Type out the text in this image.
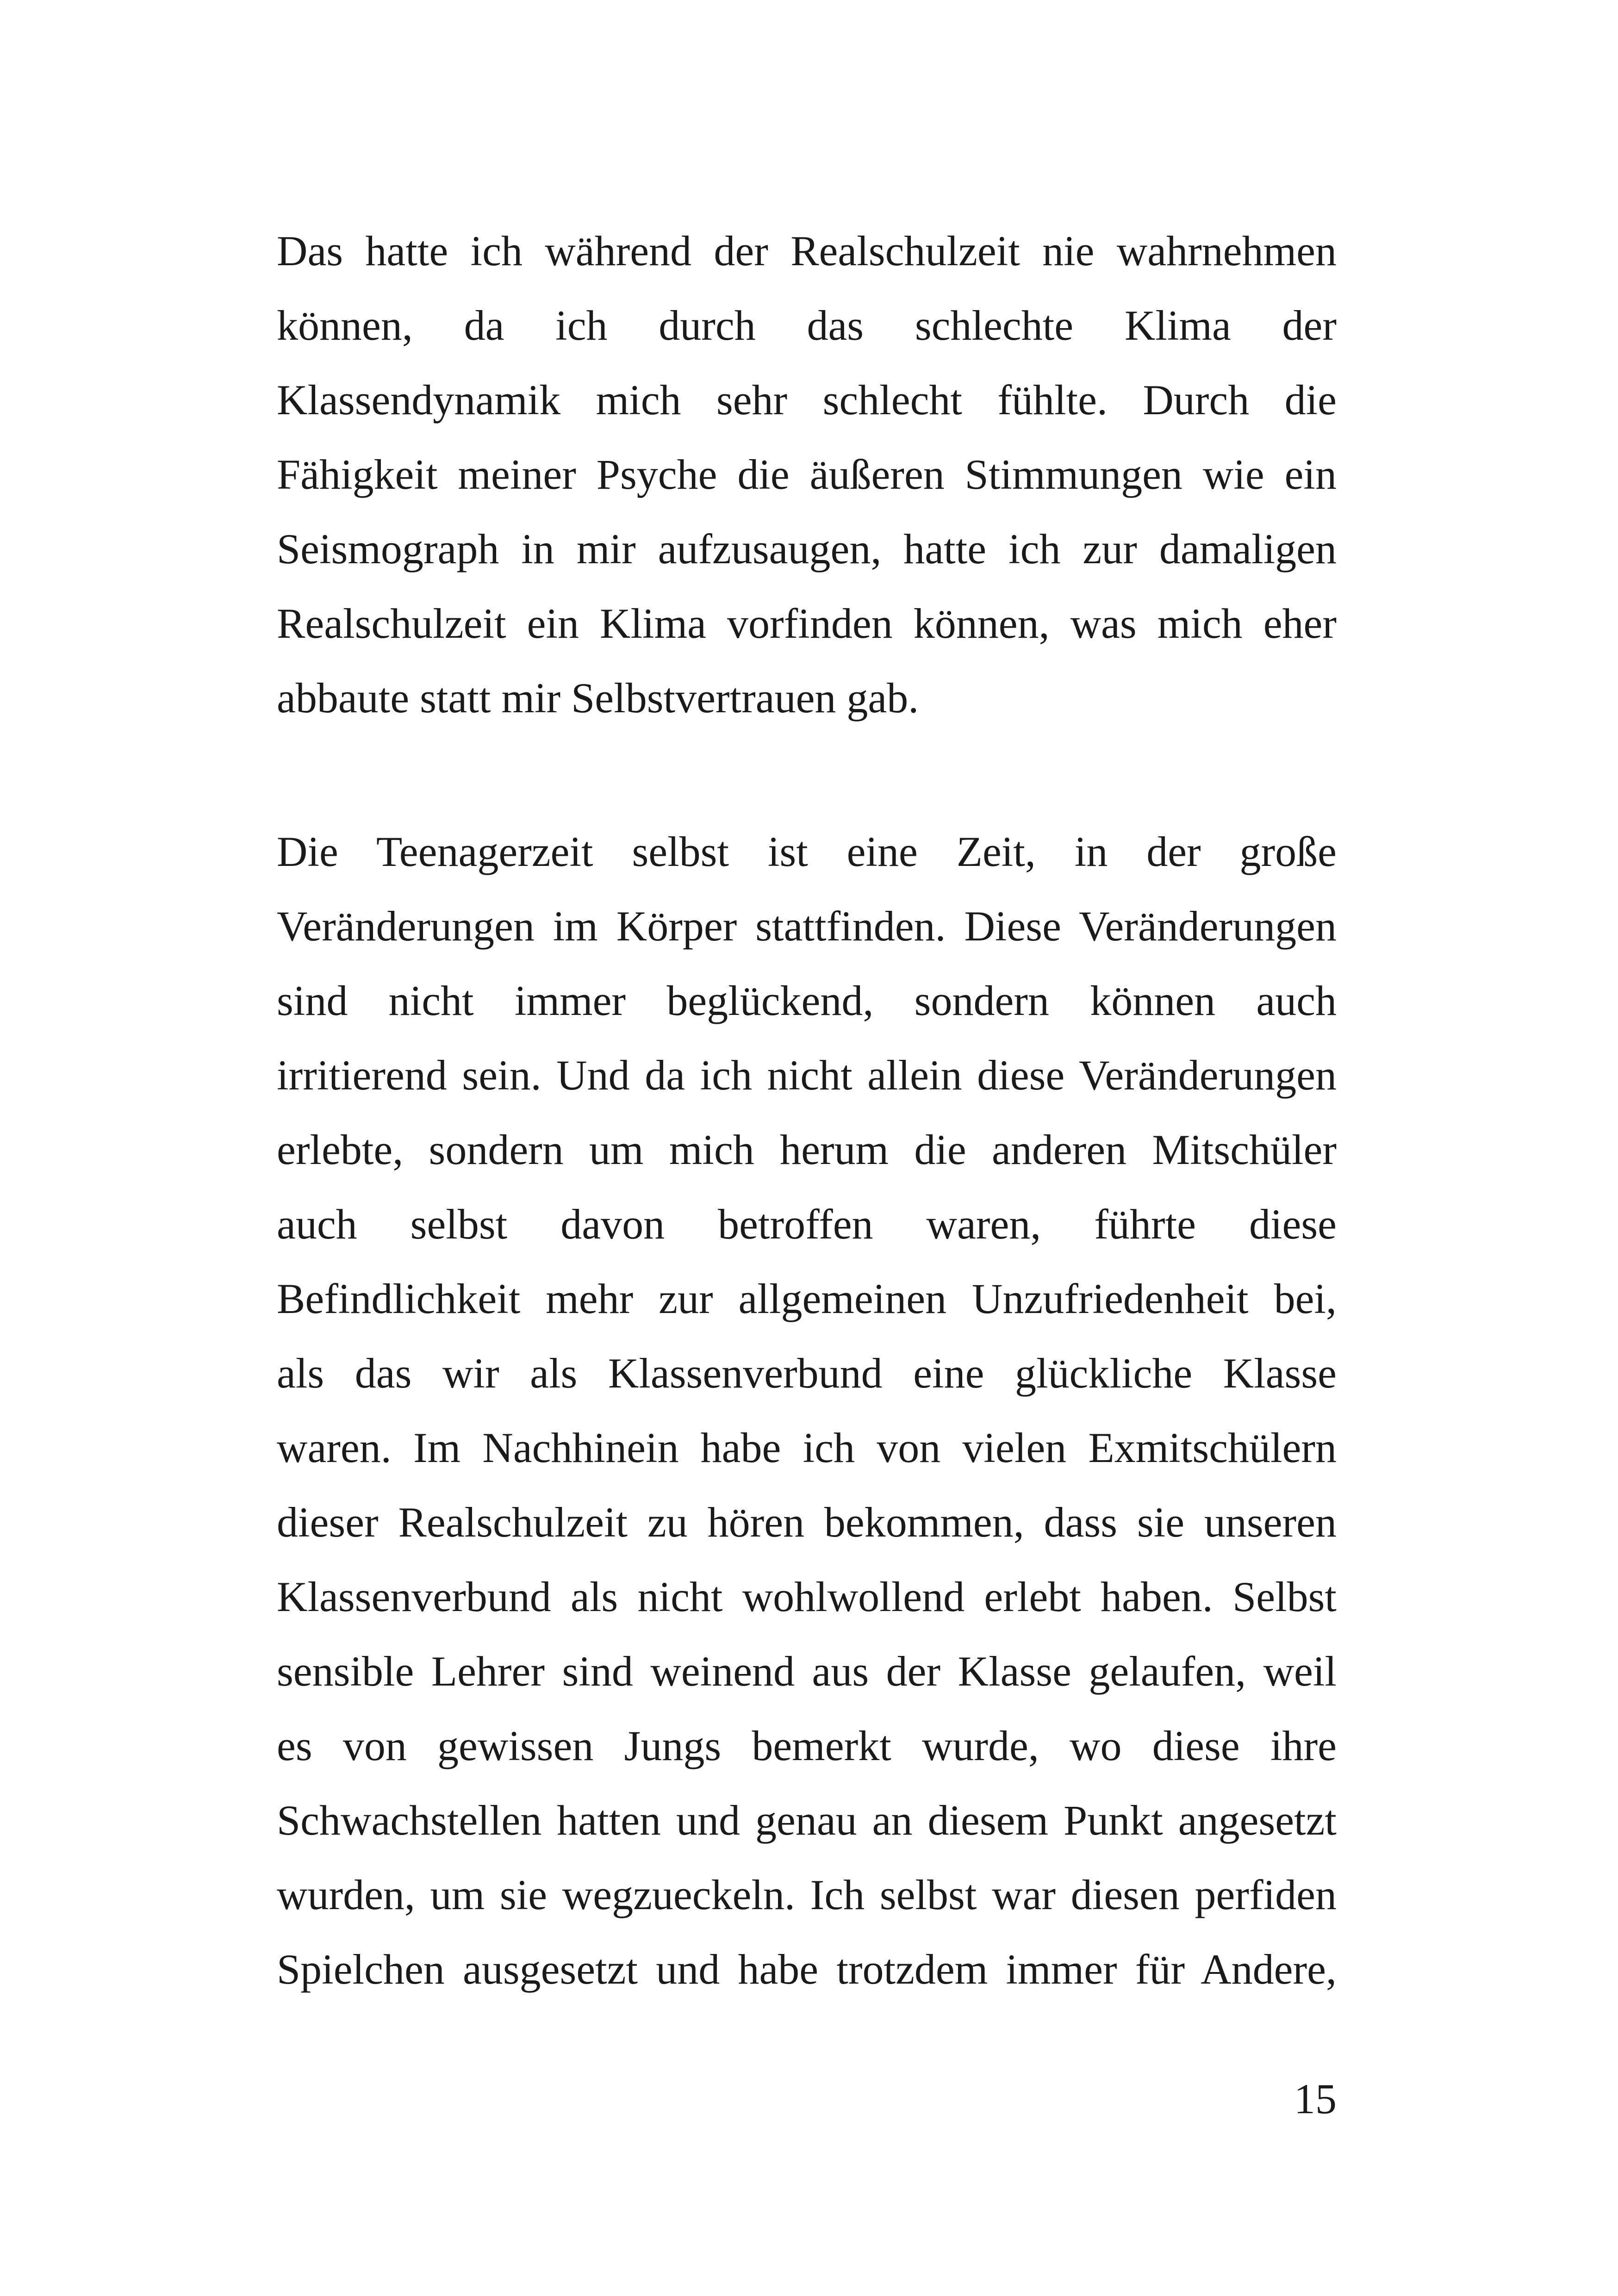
Das hatte ich während der Realschulzeit nie wahrnehmen
können, da ich durch das schlechte Klima der
Klassendynamik mich sehr schlecht fühlte. Durch die
Fähigkeit meiner Psyche die äußeren Stimmungen wie ein
Seismograph in mir aufzusaugen, hatte ich zur damaligen
Realschulzeit ein Klima vorfinden können, was mich eher
abbaute statt mir Selbstvertrauen gab.

Die Teenagerzeit selbst ist eine Zeit, in der große
Veränderungen im Körper stattfinden. Diese Veränderungen
sind nicht immer beglückend, sondern können auch
irritierend sein. Und da ich nicht allein diese Veränderungen
erlebte, sondern um mich herum die anderen Mitschüler
auch selbst davon betroffen waren, führte diese
Befindlichkeit mehr zur allgemeinen Unzufriedenheit bei,
als das wir als Klassenverbund eine glückliche Klasse
waren. Im Nachhinein habe ich von vielen Exmitschülern
dieser Realschulzeit zu hören bekommen, dass sie unseren
Klassenverbund als nicht wohlwollend erlebt haben. Selbst
sensible Lehrer sind weinend aus der Klasse gelaufen, weil
es von gewissen Jungs bemerkt wurde, wo diese ihre
Schwachstellen hatten und genau an diesem Punkt angesetzt
wurden, um sie wegzueckeln. Ich selbst war diesen perfiden
Spielchen ausgesetzt und habe trotzdem immer für Andere,

15
